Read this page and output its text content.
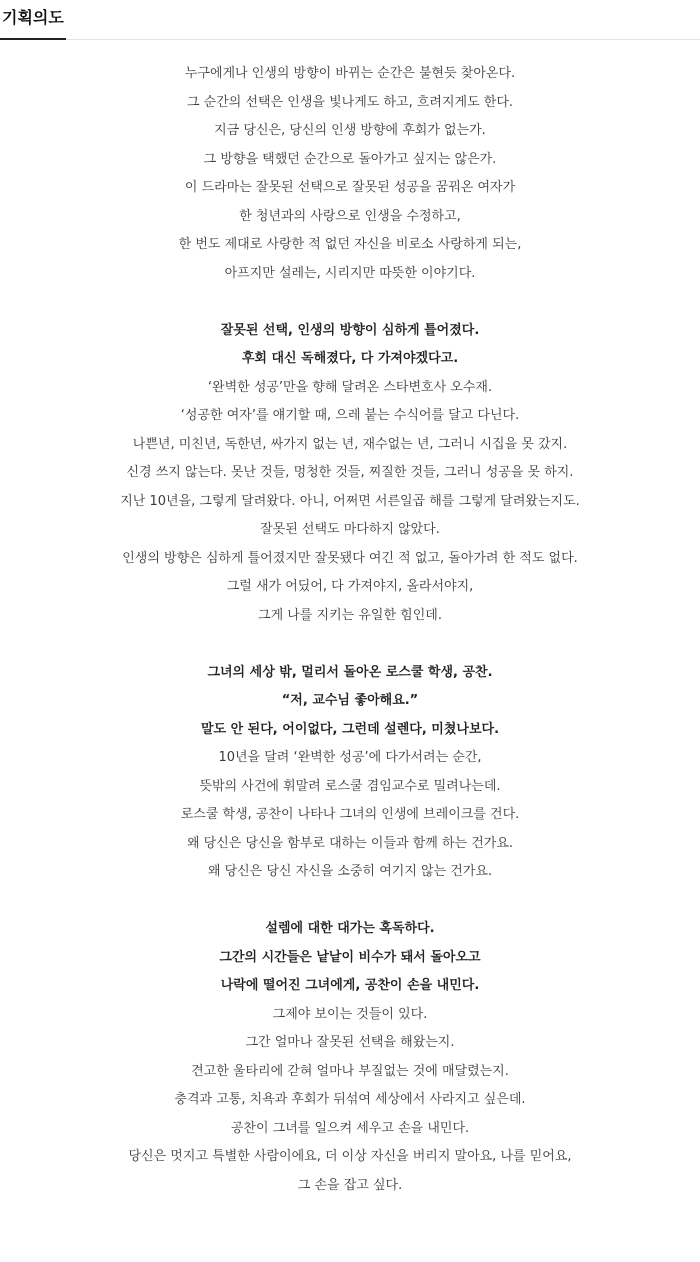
기획의도
누구에게나 인생의 방향이 바뀌는 순간은 불현듯 찾아온다.
그 순간의 선택은 인생을 빛나게도 하고, 흐려지게도 한다.
지금 당신은, 당신의 인생 방향에 후회가 없는가.
그 방향을 택했던 순간으로 돌아가고 싶지는 않은가.
이 드라마는 잘못된 선택으로 잘못된 성공을 꿈꿔온 여자가
한 청년과의 사랑으로 인생을 수정하고,
한 번도 제대로 사랑한 적 없던 자신을 비로소 사랑하게 되는,
아프지만 설레는, 시리지만 따뜻한 이야기다.
잘못된 선택, 인생의 방향이 심하게 틀어졌다.
후회 대신 독해졌다, 다 가져야겠다고.
‘완벽한 성공’만을 향해 달려온 스타변호사 오수재.
‘성공한 여자’를 얘기할 때, 으레 붙는 수식어를 달고 다닌다.
나쁜년, 미친년, 독한년, 싸가지 없는 년, 재수없는 년, 그러니 시집을 못 갔지.
신경 쓰지 않는다. 못난 것들, 멍청한 것들, 찌질한 것들, 그러니 성공을 못 하지.
지난 10년을, 그렇게 달려왔다. 아니, 어쩌면 서른일곱 해를 그렇게 달려왔는지도.
잘못된 선택도 마다하지 않았다.
인생의 방향은 심하게 틀어졌지만 잘못됐다 여긴 적 없고, 돌아가려 한 적도 없다.
그럴 새가 어딨어, 다 가져야지, 올라서야지,
그게 나를 지키는 유일한 힘인데.
그녀의 세상 밖, 멀리서 돌아온 로스쿨 학생, 공찬.
“저, 교수님 좋아해요.”
말도 안 된다, 어이없다, 그런데 설렌다, 미쳤나보다.
10년을 달려 ‘완벽한 성공’에 다가서려는 순간,
뜻밖의 사건에 휘말려 로스쿨 겸임교수로 밀려나는데.
로스쿨 학생, 공찬이 나타나 그녀의 인생에 브레이크를 건다.
왜 당신은 당신을 함부로 대하는 이들과 함께 하는 건가요.
왜 당신은 당신 자신을 소중히 여기지 않는 건가요.
설렘에 대한 대가는 혹독하다.
그간의 시간들은 낱낱이 비수가 돼서 돌아오고
나락에 떨어진 그녀에게, 공찬이 손을 내민다.
그제야 보이는 것들이 있다.
그간 얼마나 잘못된 선택을 해왔는지.
견고한 울타리에 갇혀 얼마나 부질없는 것에 매달렸는지.
충격과 고통, 치욕과 후회가 뒤섞여 세상에서 사라지고 싶은데.
공찬이 그녀를 일으켜 세우고 손을 내민다.
당신은 멋지고 특별한 사람이에요, 더 이상 자신을 버리지 말아요, 나를 믿어요,
그 손을 잡고 싶다.
